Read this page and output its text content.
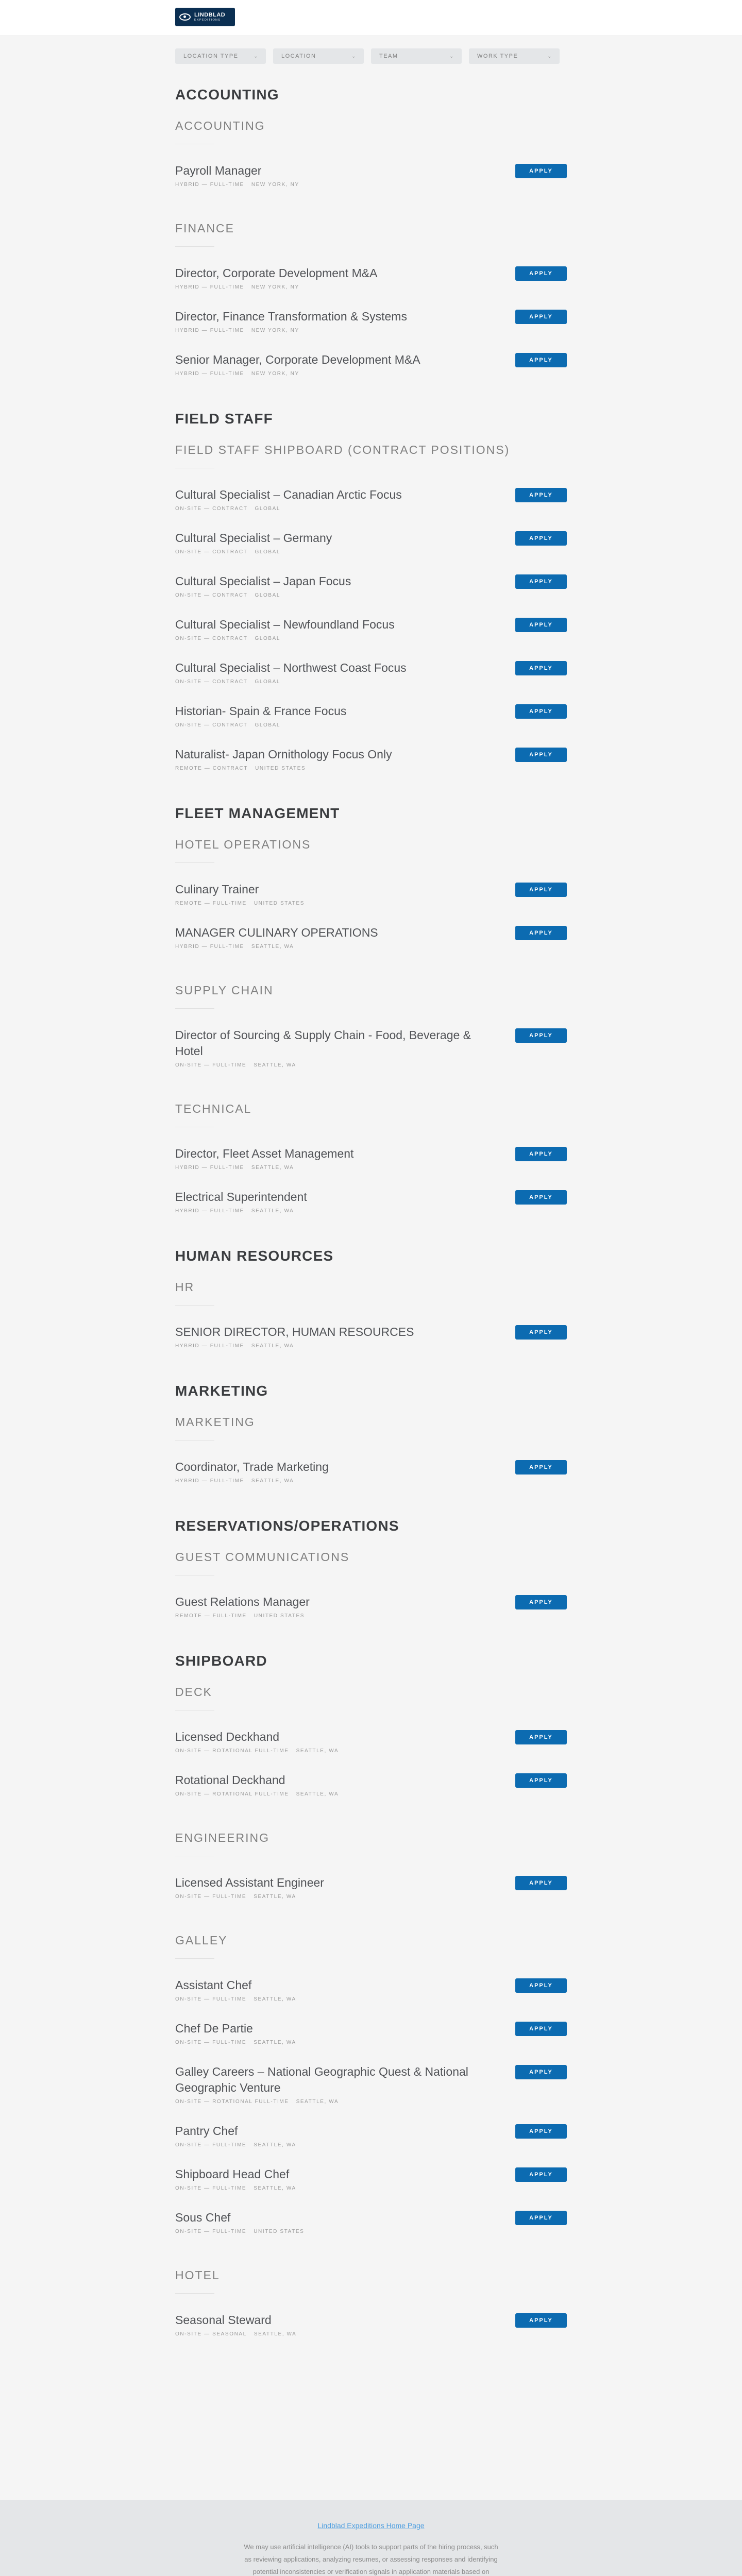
LINDBLAD
EXPEDITIONS
LOCATION TYPE	⌄	LOCATION	⌄	TEAM	⌄	WORK TYPE	⌄
ACCOUNTING
ACCOUNTING
Payroll Manager
HYBRID — FULL-TIME NEW YORK, NY
APPLY
FINANCE
Director, Corporate Development M&A
HYBRID — FULL-TIME NEW YORK, NY
APPLY
Director, Finance Transformation & Systems
HYBRID — FULL-TIME NEW YORK, NY
APPLY
Senior Manager, Corporate Development M&A
HYBRID — FULL-TIME NEW YORK, NY
APPLY
FIELD STAFF
FIELD STAFF SHIPBOARD (CONTRACT POSITIONS)
Cultural Specialist – Canadian Arctic Focus
ON-SITE — CONTRACT GLOBAL
APPLY
Cultural Specialist – Germany
ON-SITE — CONTRACT GLOBAL
APPLY
Cultural Specialist – Japan Focus
ON-SITE — CONTRACT GLOBAL
APPLY
Cultural Specialist – Newfoundland Focus
ON-SITE — CONTRACT GLOBAL
APPLY
Cultural Specialist – Northwest Coast Focus
ON-SITE — CONTRACT GLOBAL
APPLY
Historian- Spain & France Focus
ON-SITE — CONTRACT GLOBAL
APPLY
Naturalist- Japan Ornithology Focus Only
REMOTE — CONTRACT UNITED STATES
APPLY
FLEET MANAGEMENT
HOTEL OPERATIONS
Culinary Trainer
REMOTE — FULL-TIME UNITED STATES
APPLY
MANAGER CULINARY OPERATIONS
HYBRID — FULL-TIME SEATTLE, WA
APPLY
SUPPLY CHAIN
Director of Sourcing & Supply Chain - Food, Beverage & Hotel
ON-SITE — FULL-TIME SEATTLE, WA
APPLY
TECHNICAL
Director, Fleet Asset Management
HYBRID — FULL-TIME SEATTLE, WA
APPLY
Electrical Superintendent
HYBRID — FULL-TIME SEATTLE, WA
APPLY
HUMAN RESOURCES
HR
SENIOR DIRECTOR, HUMAN RESOURCES
HYBRID — FULL-TIME SEATTLE, WA
APPLY
MARKETING
MARKETING
Coordinator, Trade Marketing
HYBRID — FULL-TIME SEATTLE, WA
APPLY
RESERVATIONS/OPERATIONS
GUEST COMMUNICATIONS
Guest Relations Manager
REMOTE — FULL-TIME UNITED STATES
APPLY
SHIPBOARD
DECK
Licensed Deckhand
ON-SITE — ROTATIONAL FULL-TIME SEATTLE, WA
APPLY
Rotational Deckhand
ON-SITE — ROTATIONAL FULL-TIME SEATTLE, WA
APPLY
ENGINEERING
Licensed Assistant Engineer
ON-SITE — FULL-TIME SEATTLE, WA
APPLY
GALLEY
Assistant Chef
ON-SITE — FULL-TIME SEATTLE, WA
APPLY
Chef De Partie
ON-SITE — FULL-TIME SEATTLE, WA
APPLY
Galley Careers – National Geographic Quest & National Geographic Venture
ON-SITE — ROTATIONAL FULL-TIME SEATTLE, WA
APPLY
Pantry Chef
ON-SITE — FULL-TIME SEATTLE, WA
APPLY
Shipboard Head Chef
ON-SITE — FULL-TIME SEATTLE, WA
APPLY
Sous Chef
ON-SITE — FULL-TIME UNITED STATES
APPLY
HOTEL
Seasonal Steward
ON-SITE — SEASONAL SEATTLE, WA
APPLY
Lindblad Expeditions Home Page
We may use artificial intelligence (AI) tools to support parts of the hiring process, such as reviewing applications, analyzing resumes, or assessing responses and identifying potential inconsistencies or verification signals in application materials based on
